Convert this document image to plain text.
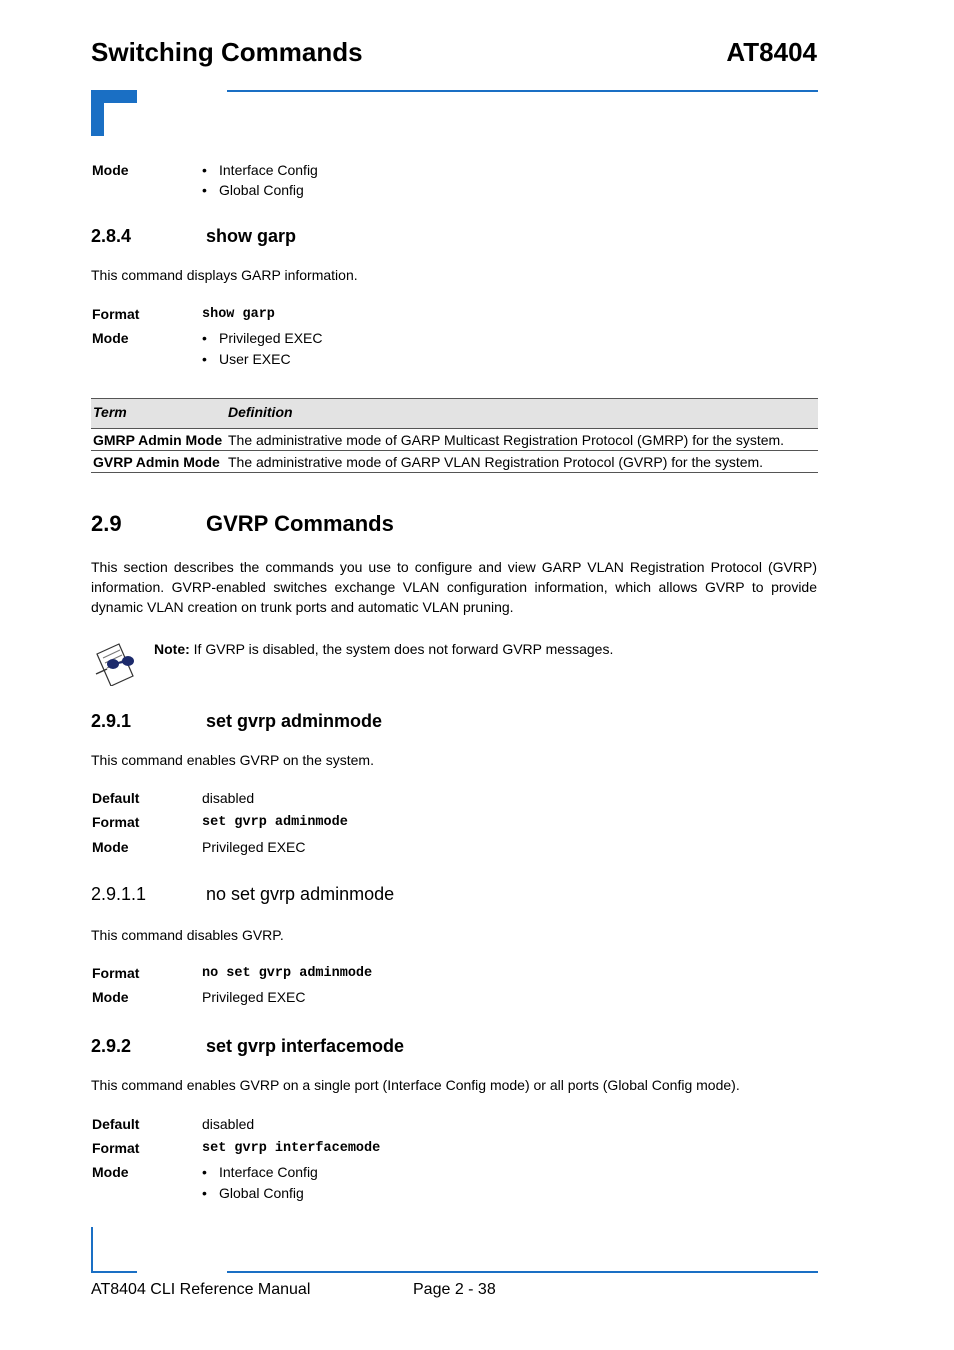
Switching Commands	AT8404
Mode	• Interface Config
• Global Config
2.8.4	show garp
This command displays GARP information.
Format	show garp
Mode	• Privileged EXEC
• User EXEC
Term	Definition
GMRP Admin Mode	The administrative mode of GARP Multicast Registration Protocol (GMRP) for the system.
GVRP Admin Mode	The administrative mode of GARP VLAN Registration Protocol (GVRP) for the system.
2.9	GVRP Commands
This section describes the commands you use to configure and view GARP VLAN Registration Protocol (GVRP) information. GVRP-enabled switches exchange VLAN configuration information, which allows GVRP to provide dynamic VLAN creation on trunk ports and automatic VLAN pruning.
Note: If GVRP is disabled, the system does not forward GVRP messages.
2.9.1	set gvrp adminmode
This command enables GVRP on the system.
Default	disabled
Format	set gvrp adminmode
Mode	Privileged EXEC
2.9.1.1	no set gvrp adminmode
This command disables GVRP.
Format	no set gvrp adminmode
Mode	Privileged EXEC
2.9.2	set gvrp interfacemode
This command enables GVRP on a single port (Interface Config mode) or all ports (Global Config mode).
Default	disabled
Format	set gvrp interfacemode
Mode	• Interface Config
• Global Config
AT8404 CLI Reference Manual	Page 2 - 38
